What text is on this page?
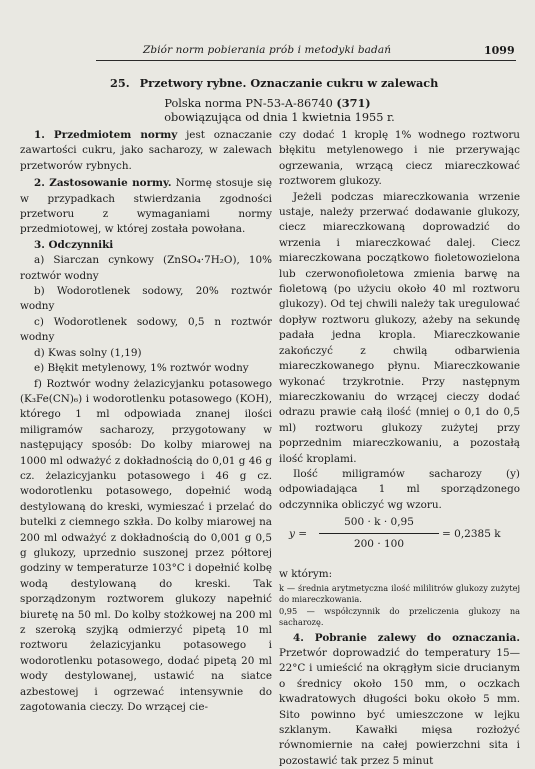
Zbiór norm pobierania prób i metodyki badań	1099
25. Przetwory rybne. Oznaczanie cukru w zalewach
Polska norma PN-53-A-86740 (371)
obowiązująca od dnia 1 kwietnia 1955 r.

1. Przedmiotem normy jest oznaczanie zawartości cukru, jako sacharozy, w zalewach przetworów rybnych.

2. Zastosowanie normy. Normę stosuje się w przypadkach stwierdzania zgodności przetworu z wymaganiami normy przedmiotowej, w której została powołana.

3. Odczynniki

a) Siarczan cynkowy (ZnSO₄·7H₂O), 10% roztwór wodny

b) Wodorotlenek sodowy, 20% roztwór wodny

c) Wodorotlenek sodowy, 0,5 n roztwór wodny

d) Kwas solny (1,19)

e) Błękit metylenowy, 1% roztwór wodny

f) Roztwór wodny żelazicyjanku potasowego (K₃Fe(CN)₆) i wodorotlenku potasowego (KOH), którego 1 ml odpowiada znanej ilości miligramów sacharozy, przygotowany w następujący sposób: Do kolby miarowej na 1000 ml odważyć z dokładnością do 0,01 g 46 g cz. żelazicyjanku potasowego i 46 g cz. wodorotlenku potasowego, dopełnić wodą destylowaną do kreski, wymieszać i przelać do butelki z ciemnego szkła. Do kolby miarowej na 200 ml odważyć z dokładnością do 0,001 g 0,5 g glukozy, uprzednio suszonej przez półtorej godziny w temperaturze 103°C i dopełnić kolbę wodą destylowaną do kreski. Tak sporządzonym roztworem glukozy napełnić biuretę na 50 ml. Do kolby stożkowej na 200 ml z szeroką szyjką odmierzyć pipetą 10 ml roztworu żelazicyjanku potasowego i wodorotlenku potasowego, dodać pipetą 20 ml wody destylowanej, ustawić na siatce azbestowej i ogrzewać intensywnie do zagotowania cieczy. Do wrzącej cie-

czy dodać 1 kroplę 1% wodnego roztworu błękitu metylenowego i nie przerywając ogrzewania, wrzącą ciecz miareczkować roztworem glukozy.

Jeżeli podczas miareczkowania wrzenie ustaje, należy przerwać dodawanie glukozy, ciecz miareczkowaną doprowadzić do wrzenia i miareczkować dalej. Ciecz miareczkowana początkowo fioletowozielona lub czerwonofioletowa zmienia barwę na fioletową (po użyciu około 40 ml roztworu glukozy). Od tej chwili należy tak uregulować dopływ roztworu glukozy, ażeby na sekundę padała jedna kropla. Miareczkowanie zakończyć z chwilą odbarwienia miareczkowanego płynu. Miareczkowanie wykonać trzykrotnie. Przy następnym miareczkowaniu do wrzącej cieczy dodać odrazu prawie całą ilość (mniej o 0,1 do 0,5 ml) roztworu glukozy zużytej przy poprzednim miareczkowaniu, a pozostałą ilość kroplami.

Ilość miligramów sacharozy (y) odpowiadająca 1 ml sporządzonego odczynnika obliczyć wg wzoru.

y =
500 · k · 0,95
200 · 100
= 0,2385 k

w którym:

k — średnia arytmetyczna ilość mililitrów glukozy zużytej do miareczkowania.

0,95 — współczynnik do przeliczenia glukozy na sacharozę.

4. Pobranie zalewy do oznaczania. Przetwór doprowadzić do temperatury 15—22°C i umieścić na okrągłym sicie drucianym o średnicy około 150 mm, o oczkach kwadratowych długości boku około 5 mm. Sito powinno być umieszczone w lejku szklanym. Kawałki mięsa rozłożyć równomiernie na całej powierzchni sita i pozostawić tak przez 5 minut
